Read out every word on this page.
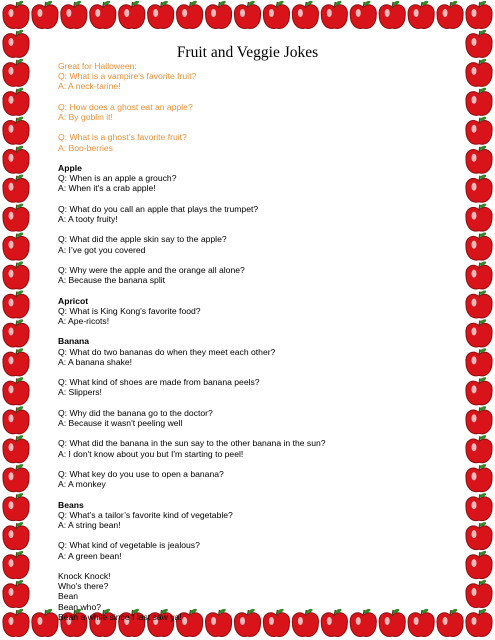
Fruit and Veggie Jokes

Great for Halloween:

Q: What is a vampire's favorite fruit?

A: A neck-tarine!

Q: How does a ghost eat an apple?

A: By goblin it!

Q: What is a ghost’s favorite fruit?

A: Boo-berries

Apple

Q: When is an apple a grouch?

A: When it's a crab apple!

Q: What do you call an apple that plays the trumpet?

A: A tooty fruity!

Q: What did the apple skin say to the apple?

A: I’ve got you covered

Q: Why were the apple and the orange all alone?

A: Because the banana split

Apricot

Q: What is King Kong's favorite food?

A: Ape-ricots!

Banana

Q: What do two bananas do when they meet each other?

A: A banana shake!

Q: What kind of shoes are made from banana peels?

A: Slippers!

Q: Why did the banana go to the doctor?

A: Because it wasn't peeling well

Q: What did the banana in the sun say to the other banana in the sun?

A: I don't know about you but I'm starting to peel!

Q: What key do you use to open a banana?

A: A monkey

Beans

Q: What’s a tailor’s favorite kind of vegetable?

A: A string bean!

Q: What kind of vegetable is jealous?

A: A green bean!

Knock Knock!

Who's there?

Bean

Bean who?

Bean a while since I last saw ya!
